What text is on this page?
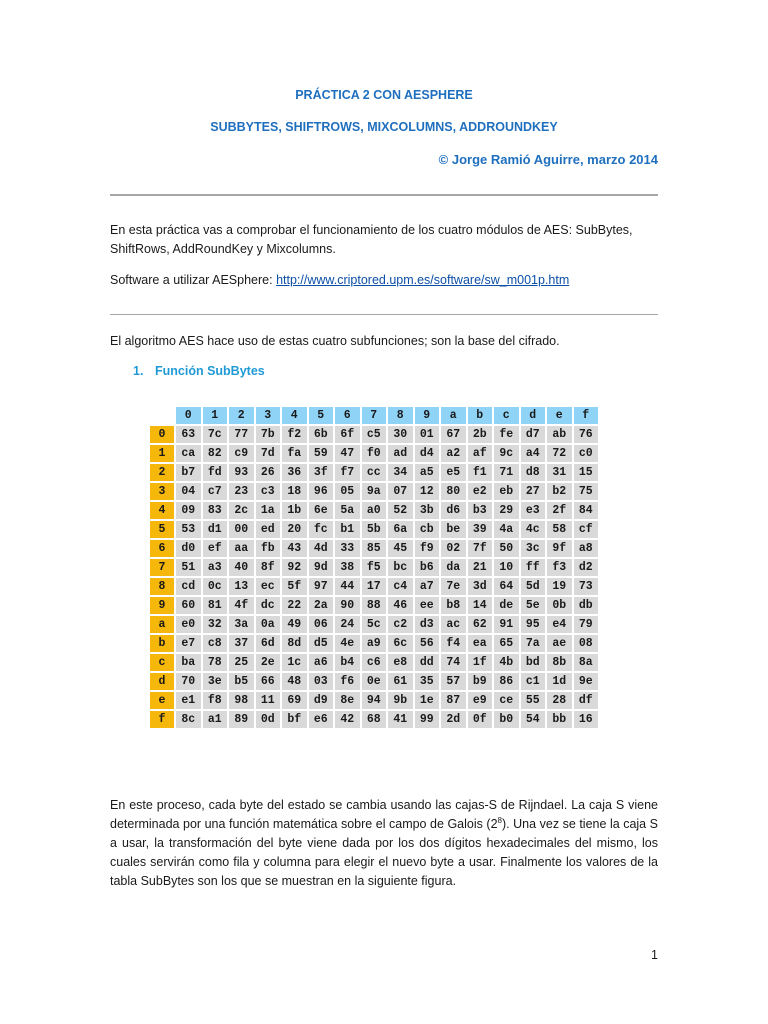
PRÁCTICA 2 CON AESPHERE

SUBBYTES, SHIFTROWS, MIXCOLUMNS, ADDROUNDKEY

© Jorge Ramió Aguirre, marzo 2014

En esta práctica vas a comprobar el funcionamiento de los cuatro módulos de AES: SubBytes, ShiftRows, AddRoundKey y Mixcolumns.

Software a utilizar AESphere: http://www.criptored.upm.es/software/sw_m001p.htm

El algoritmo AES hace uso de estas cuatro subfunciones; son la base del cifrado.

1. Función SubBytes

	0	1	2	3	4	5	6	7	8	9	a	b	c	d	e	f
0	63	7c	77	7b	f2	6b	6f	c5	30	01	67	2b	fe	d7	ab	76
1	ca	82	c9	7d	fa	59	47	f0	ad	d4	a2	af	9c	a4	72	c0
2	b7	fd	93	26	36	3f	f7	cc	34	a5	e5	f1	71	d8	31	15
3	04	c7	23	c3	18	96	05	9a	07	12	80	e2	eb	27	b2	75
4	09	83	2c	1a	1b	6e	5a	a0	52	3b	d6	b3	29	e3	2f	84
5	53	d1	00	ed	20	fc	b1	5b	6a	cb	be	39	4a	4c	58	cf
6	d0	ef	aa	fb	43	4d	33	85	45	f9	02	7f	50	3c	9f	a8
7	51	a3	40	8f	92	9d	38	f5	bc	b6	da	21	10	ff	f3	d2
8	cd	0c	13	ec	5f	97	44	17	c4	a7	7e	3d	64	5d	19	73
9	60	81	4f	dc	22	2a	90	88	46	ee	b8	14	de	5e	0b	db
a	e0	32	3a	0a	49	06	24	5c	c2	d3	ac	62	91	95	e4	79
b	e7	c8	37	6d	8d	d5	4e	a9	6c	56	f4	ea	65	7a	ae	08
c	ba	78	25	2e	1c	a6	b4	c6	e8	dd	74	1f	4b	bd	8b	8a
d	70	3e	b5	66	48	03	f6	0e	61	35	57	b9	86	c1	1d	9e
e	e1	f8	98	11	69	d9	8e	94	9b	1e	87	e9	ce	55	28	df
f	8c	a1	89	0d	bf	e6	42	68	41	99	2d	0f	b0	54	bb	16

En este proceso, cada byte del estado se cambia usando las cajas-S de Rijndael. La caja S viene determinada por una función matemática sobre el campo de Galois $(2^8)$. Una vez se tiene la caja S a usar, la transformación del byte viene dada por los dos dígitos hexadecimales del mismo, los cuales servirán como fila y columna para elegir el nuevo byte a usar. Finalmente los valores de la tabla SubBytes son los que se muestran en la siguiente figura.

1
